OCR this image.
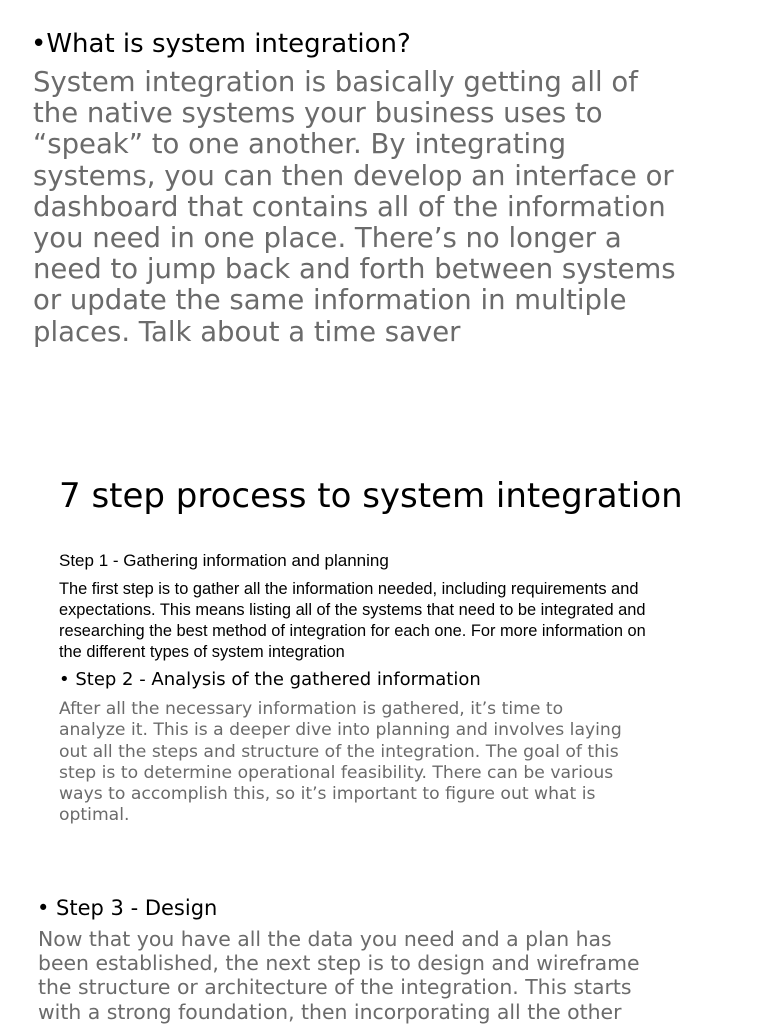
•What is system integration?
System integration is basically getting all of
the native systems your business uses to
“speak” to one another. By integrating
systems, you can then develop an interface or
dashboard that contains all of the information
you need in one place. There’s no longer a
need to jump back and forth between systems
or update the same information in multiple
places. Talk about a time saver
7 step process to system integration
Step 1 - Gathering information and planning
The first step is to gather all the information needed, including requirements and
expectations. This means listing all of the systems that need to be integrated and
researching the best method of integration for each one. For more information on
the different types of system integration
• Step 2 - Analysis of the gathered information
After all the necessary information is gathered, it’s time to
analyze it. This is a deeper dive into planning and involves laying
out all the steps and structure of the integration. The goal of this
step is to determine operational feasibility. There can be various
ways to accomplish this, so it’s important to figure out what is
optimal.
• Step 3 - Design
Now that you have all the data you need and a plan has
been established, the next step is to design and wireframe
the structure or architecture of the integration. This starts
with a strong foundation, then incorporating all the other
